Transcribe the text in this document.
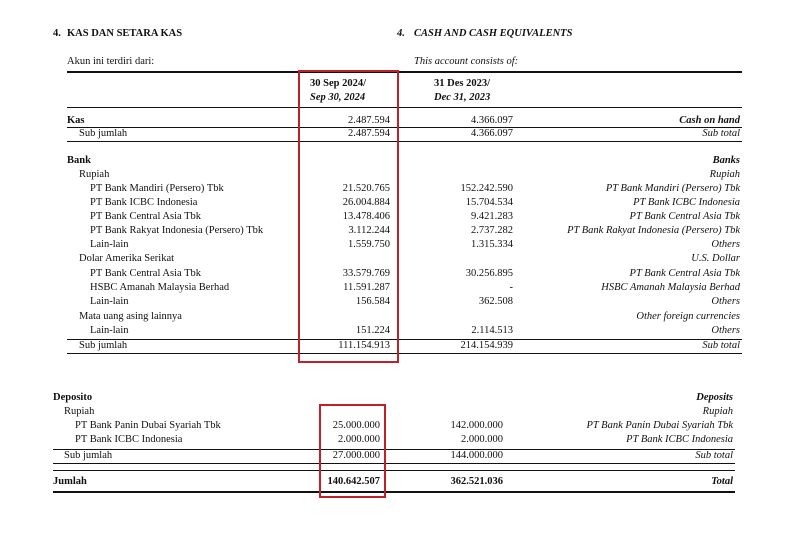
4. KAS DAN SETARA KAS	4. CASH AND CASH EQUIVALENTS
Akun ini terdiri dari:	This account consists of:
30 Sep 2024/
Sep 30, 2024
31 Des 2023/
Dec 31, 2023
Kas	2.487.594	4.366.097	Cash on hand
Sub jumlah	2.487.594	4.366.097	Sub total
Bank	Banks
Rupiah	Rupiah
PT Bank Mandiri (Persero) Tbk	21.520.765	152.242.590	PT Bank Mandiri (Persero) Tbk
PT Bank ICBC Indonesia	26.004.884	15.704.534	PT Bank ICBC Indonesia
PT Bank Central Asia Tbk	13.478.406	9.421.283	PT Bank Central Asia Tbk
PT Bank Rakyat Indonesia (Persero) Tbk	3.112.244	2.737.282	PT Bank Rakyat Indonesia (Persero) Tbk
Lain-lain	1.559.750	1.315.334	Others
Dolar Amerika Serikat	U.S. Dollar
PT Bank Central Asia Tbk	33.579.769	30.256.895	PT Bank Central Asia Tbk
HSBC Amanah Malaysia Berhad	11.591.287	-	HSBC Amanah Malaysia Berhad
Lain-lain	156.584	362.508	Others
Mata uang asing lainnya	Other foreign currencies
Lain-lain	151.224	2.114.513	Others
Sub jumlah	111.154.913	214.154.939	Sub total
Deposito	Deposits
Rupiah	Rupiah
PT Bank Panin Dubai Syariah Tbk	25.000.000	142.000.000	PT Bank Panin Dubai Syariah Tbk
PT Bank ICBC Indonesia	2.000.000	2.000.000	PT Bank ICBC Indonesia
Sub jumlah	27.000.000	144.000.000	Sub total
Jumlah	140.642.507	362.521.036	Total
